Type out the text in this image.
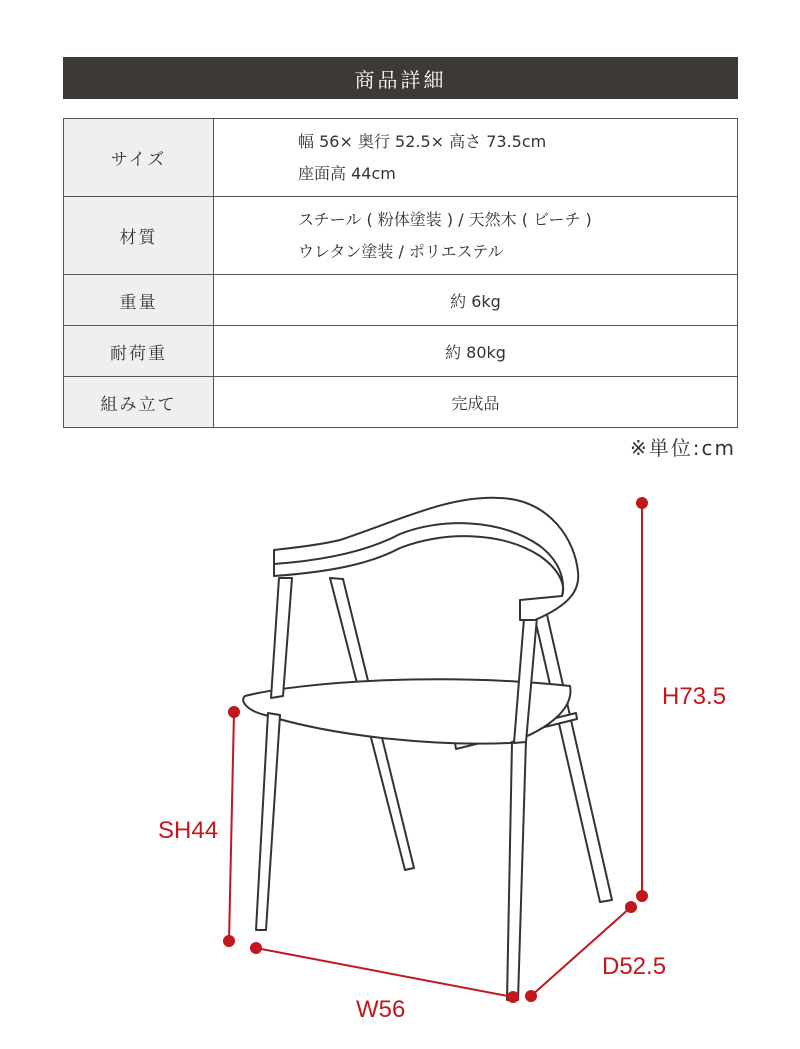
商品詳細
サイズ	幅 56× 奥行 52.5× 高さ 73.5cm
座面高 44cm

材質	スチール ( 粉体塗装 ) / 天然木 ( ビーチ )
ウレタン塗装 / ポリエステル

重量	約 6kg
耐荷重	約 80kg
組み立て	完成品
※単位:cm
H73.5
SH44
W56
D52.5
